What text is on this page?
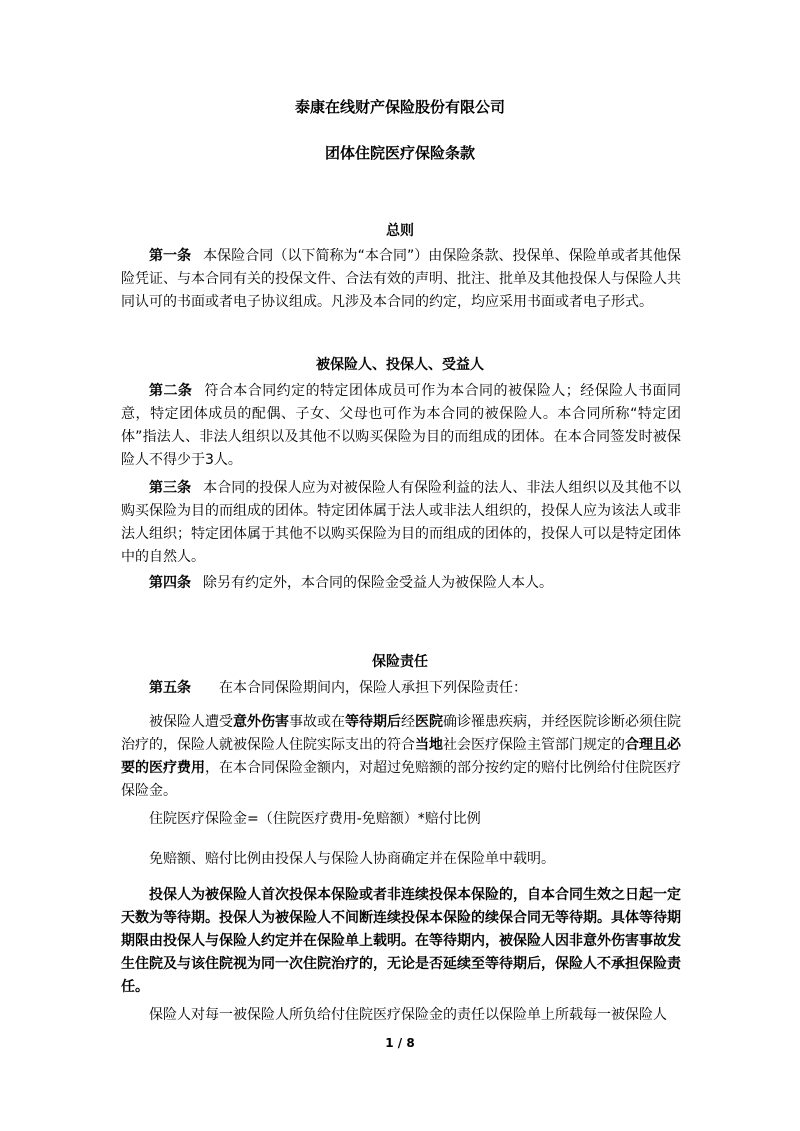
泰康在线财产保险股份有限公司
团体住院医疗保险条款
总则
第一条 本保险合同（以下简称为“本合同”）由保险条款、投保单、保险单或者其他保险凭证、与本合同有关的投保文件、合法有效的声明、批注、批单及其他投保人与保险人共同认可的书面或者电子协议组成。凡涉及本合同的约定，均应采用书面或者电子形式。
被保险人、投保人、受益人
第二条 符合本合同约定的特定团体成员可作为本合同的被保险人；经保险人书面同意，特定团体成员的配偶、子女、父母也可作为本合同的被保险人。本合同所称“特定团体”指法人、非法人组织以及其他不以购买保险为目的而组成的团体。在本合同签发时被保险人不得少于3人。
第三条 本合同的投保人应为对被保险人有保险利益的法人、非法人组织以及其他不以购买保险为目的而组成的团体。特定团体属于法人或非法人组织的，投保人应为该法人或非法人组织；特定团体属于其他不以购买保险为目的而组成的团体的，投保人可以是特定团体中的自然人。
第四条 除另有约定外，本合同的保险金受益人为被保险人本人。
保险责任
第五条 在本合同保险期间内，保险人承担下列保险责任：
被保险人遭受意外伤害事故或在等待期后经医院确诊罹患疾病，并经医院诊断必须住院治疗的，保险人就被保险人住院实际支出的符合当地社会医疗保险主管部门规定的合理且必要的医疗费用，在本合同保险金额内，对超过免赔额的部分按约定的赔付比例给付住院医疗保险金。
住院医疗保险金=（住院医疗费用-免赔额）*赔付比例
免赔额、赔付比例由投保人与保险人协商确定并在保险单中载明。
投保人为被保险人首次投保本保险或者非连续投保本保险的，自本合同生效之日起一定天数为等待期。投保人为被保险人不间断连续投保本保险的续保合同无等待期。具体等待期期限由投保人与保险人约定并在保险单上载明。在等待期内，被保险人因非意外伤害事故发生住院及与该住院视为同一次住院治疗的，无论是否延续至等待期后，保险人不承担保险责任。
保险人对每一被保险人所负给付住院医疗保险金的责任以保险单上所载每一被保险人
1 / 8
